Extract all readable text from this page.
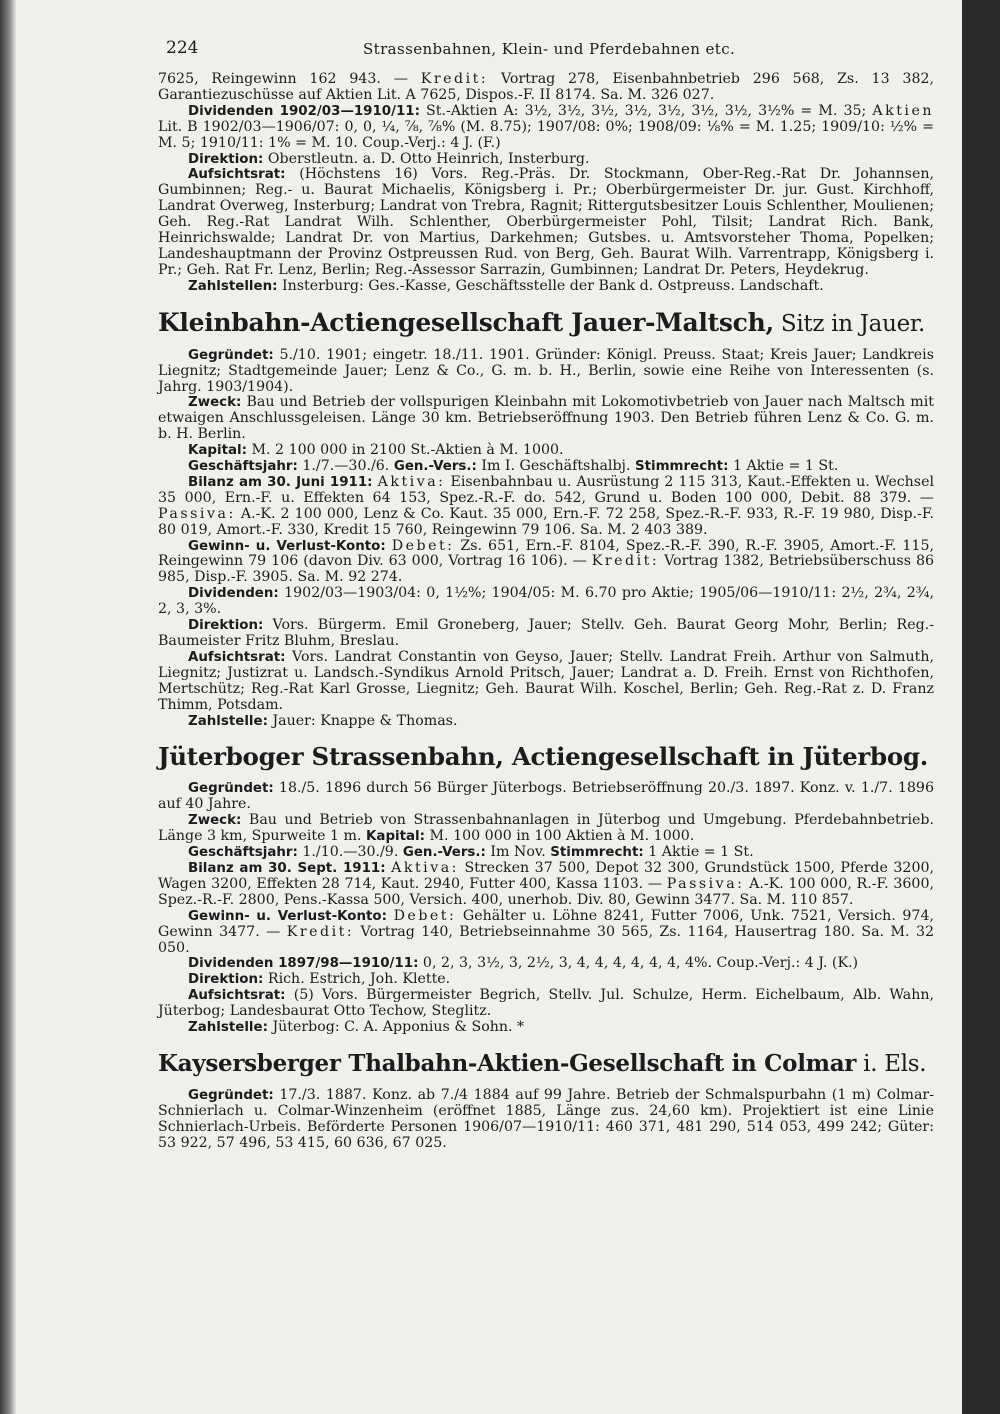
224	Strassenbahnen, Klein- und Pferdebahnen etc.

7625, Reingewinn 162 943. — Kredit: Vortrag 278, Eisenbahnbetrieb 296 568, Zs. 13 382, Garantiezuschüsse auf Aktien Lit. A 7625, Dispos.-F. II 8174. Sa. M. 326 027.

Dividenden 1902/03—1910/11: St.-Aktien A: 3½, 3½, 3½, 3½, 3½, 3½, 3½, 3½% = M. 35; Aktien Lit. B 1902/03—1906/07: 0, 0, ¼, ⅞, ⅞% (M. 8.75); 1907/08: 0%; 1908/09: ⅛% = M. 1.25; 1909/10: ½% = M. 5; 1910/11: 1% = M. 10. Coup.-Verj.: 4 J. (F.)

Direktion: Oberstleutn. a. D. Otto Heinrich, Insterburg.

Aufsichtsrat: (Höchstens 16) Vors. Reg.-Präs. Dr. Stockmann, Ober-Reg.-Rat Dr. Johannsen, Gumbinnen; Reg.- u. Baurat Michaelis, Königsberg i. Pr.; Oberbürgermeister Dr. jur. Gust. Kirchhoff, Landrat Overweg, Insterburg; Landrat von Trebra, Ragnit; Rittergutsbesitzer Louis Schlenther, Moulienen; Geh. Reg.-Rat Landrat Wilh. Schlenther, Oberbürgermeister Pohl, Tilsit; Landrat Rich. Bank, Heinrichswalde; Landrat Dr. von Martius, Darkehmen; Gutsbes. u. Amtsvorsteher Thoma, Popelken; Landeshauptmann der Provinz Ostpreussen Rud. von Berg, Geh. Baurat Wilh. Varrentrapp, Königsberg i. Pr.; Geh. Rat Fr. Lenz, Berlin; Reg.-Assessor Sarrazin, Gumbinnen; Landrat Dr. Peters, Heydekrug.

Zahlstellen: Insterburg: Ges.-Kasse, Geschäftsstelle der Bank d. Ostpreuss. Landschaft.

Kleinbahn-Actiengesellschaft Jauer-Maltsch, Sitz in Jauer.

Gegründet: 5./10. 1901; eingetr. 18./11. 1901. Gründer: Königl. Preuss. Staat; Kreis Jauer; Landkreis Liegnitz; Stadtgemeinde Jauer; Lenz & Co., G. m. b. H., Berlin, sowie eine Reihe von Interessenten (s. Jahrg. 1903/1904).

Zweck: Bau und Betrieb der vollspurigen Kleinbahn mit Lokomotivbetrieb von Jauer nach Maltsch mit etwaigen Anschlussgeleisen. Länge 30 km. Betriebseröffnung 1903. Den Betrieb führen Lenz & Co. G. m. b. H. Berlin.

Kapital: M. 2 100 000 in 2100 St.-Aktien à M. 1000.

Geschäftsjahr: 1./7.—30./6. Gen.-Vers.: Im I. Geschäftshalbj. Stimmrecht: 1 Aktie = 1 St.

Bilanz am 30. Juni 1911: Aktiva: Eisenbahnbau u. Ausrüstung 2 115 313, Kaut.-Effekten u. Wechsel 35 000, Ern.-F. u. Effekten 64 153, Spez.-R.-F. do. 542, Grund u. Boden 100 000, Debit. 88 379. — Passiva: A.-K. 2 100 000, Lenz & Co. Kaut. 35 000, Ern.-F. 72 258, Spez.-R.-F. 933, R.-F. 19 980, Disp.-F. 80 019, Amort.-F. 330, Kredit 15 760, Reingewinn 79 106. Sa. M. 2 403 389.

Gewinn- u. Verlust-Konto: Debet: Zs. 651, Ern.-F. 8104, Spez.-R.-F. 390, R.-F. 3905, Amort.-F. 115, Reingewinn 79 106 (davon Div. 63 000, Vortrag 16 106). — Kredit: Vortrag 1382, Betriebsüberschuss 86 985, Disp.-F. 3905. Sa. M. 92 274.

Dividenden: 1902/03—1903/04: 0, 1½%; 1904/05: M. 6.70 pro Aktie; 1905/06—1910/11: 2½, 2¾, 2¾, 2, 3, 3%.

Direktion: Vors. Bürgerm. Emil Groneberg, Jauer; Stellv. Geh. Baurat Georg Mohr, Berlin; Reg.-Baumeister Fritz Bluhm, Breslau.

Aufsichtsrat: Vors. Landrat Constantin von Geyso, Jauer; Stellv. Landrat Freih. Arthur von Salmuth, Liegnitz; Justizrat u. Landsch.-Syndikus Arnold Pritsch, Jauer; Landrat a. D. Freih. Ernst von Richthofen, Mertschütz; Reg.-Rat Karl Grosse, Liegnitz; Geh. Baurat Wilh. Koschel, Berlin; Geh. Reg.-Rat z. D. Franz Thimm, Potsdam.

Zahlstelle: Jauer: Knappe & Thomas.

Jüterboger Strassenbahn, Actiengesellschaft in Jüterbog.

Gegründet: 18./5. 1896 durch 56 Bürger Jüterbogs. Betriebseröffnung 20./3. 1897. Konz. v. 1./7. 1896 auf 40 Jahre.

Zweck: Bau und Betrieb von Strassenbahnanlagen in Jüterbog und Umgebung. Pferdebahnbetrieb. Länge 3 km, Spurweite 1 m. Kapital: M. 100 000 in 100 Aktien à M. 1000.

Geschäftsjahr: 1./10.—30./9. Gen.-Vers.: Im Nov. Stimmrecht: 1 Aktie = 1 St.

Bilanz am 30. Sept. 1911: Aktiva: Strecken 37 500, Depot 32 300, Grundstück 1500, Pferde 3200, Wagen 3200, Effekten 28 714, Kaut. 2940, Futter 400, Kassa 1103. — Passiva: A.-K. 100 000, R.-F. 3600, Spez.-R.-F. 2800, Pens.-Kassa 500, Versich. 400, unerhob. Div. 80, Gewinn 3477. Sa. M. 110 857.

Gewinn- u. Verlust-Konto: Debet: Gehälter u. Löhne 8241, Futter 7006, Unk. 7521, Versich. 974, Gewinn 3477. — Kredit: Vortrag 140, Betriebseinnahme 30 565, Zs. 1164, Hausertrag 180. Sa. M. 32 050.

Dividenden 1897/98—1910/11: 0, 2, 3, 3½, 3, 2½, 3, 4, 4, 4, 4, 4, 4, 4%. Coup.-Verj.: 4 J. (K.)

Direktion: Rich. Estrich, Joh. Klette.

Aufsichtsrat: (5) Vors. Bürgermeister Begrich, Stellv. Jul. Schulze, Herm. Eichelbaum, Alb. Wahn, Jüterbog; Landesbaurat Otto Techow, Steglitz.

Zahlstelle: Jüterbog: C. A. Apponius & Sohn. *

Kaysersberger Thalbahn-Aktien-Gesellschaft in Colmar i. Els.

Gegründet: 17./3. 1887. Konz. ab 7./4 1884 auf 99 Jahre. Betrieb der Schmalspurbahn (1 m) Colmar-Schnierlach u. Colmar-Winzenheim (eröffnet 1885, Länge zus. 24,60 km). Projektiert ist eine Linie Schnierlach-Urbeis. Beförderte Personen 1906/07—1910/11: 460 371, 481 290, 514 053, 499 242; Güter: 53 922, 57 496, 53 415, 60 636, 67 025.
